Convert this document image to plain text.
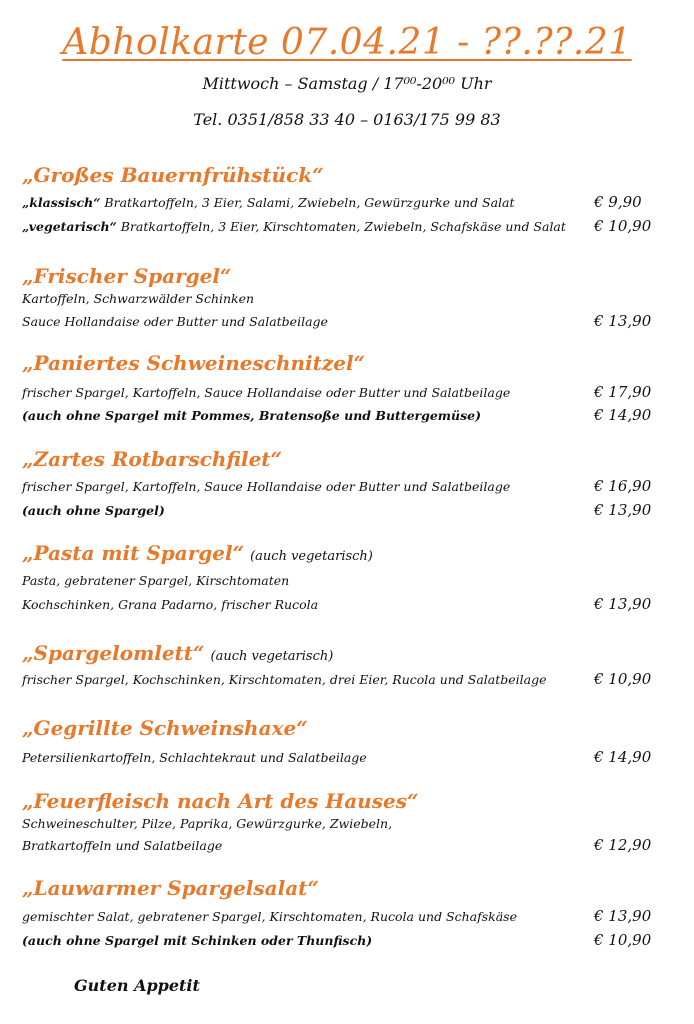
Abholkarte 07.04.21 - ??.??.21
Mittwoch – Samstag / 17⁰⁰-20⁰⁰ Uhr
Tel. 0351/858 33 40 – 0163/175 99 83
„Großes Bauernfrühstück“
„klassisch“ Bratkartoffeln, 3 Eier, Salami, Zwiebeln, Gewürzgurke und Salat	€ 9,90
„vegetarisch“ Bratkartoffeln, 3 Eier, Kirschtomaten, Zwiebeln, Schafskäse und Salat € 10,90
„Frischer Spargel“
Kartoffeln, Schwarzwälder Schinken
Sauce Hollandaise oder Butter und Salatbeilage	€ 13,90
„Paniertes Schweineschnitzel“
frischer Spargel, Kartoffeln, Sauce Hollandaise oder Butter und Salatbeilage	€ 17,90
(auch ohne Spargel mit Pommes, Bratensoße und Buttergemüse)	€ 14,90
„Zartes Rotbarschfilet“
frischer Spargel, Kartoffeln, Sauce Hollandaise oder Butter und Salatbeilage	€ 16,90
(auch ohne Spargel)	€ 13,90
„Pasta mit Spargel“ (auch vegetarisch)
Pasta, gebratener Spargel, Kirschtomaten
Kochschinken, Grana Padarno, frischer Rucola	€ 13,90
„Spargelomlett“ (auch vegetarisch)
frischer Spargel, Kochschinken, Kirschtomaten, drei Eier, Rucola und Salatbeilage	€ 10,90
„Gegrillte Schweinshaxe“
Petersilienkartoffeln, Schlachtekraut und Salatbeilage	€ 14,90
„Feuerfleisch nach Art des Hauses“
Schweineschulter, Pilze, Paprika, Gewürzgurke, Zwiebeln,
Bratkartoffeln und Salatbeilage	€ 12,90
„Lauwarmer Spargelsalat“
gemischter Salat, gebratener Spargel, Kirschtomaten, Rucola und Schafskäse	€ 13,90
(auch ohne Spargel mit Schinken oder Thunfisch)	€ 10,90
Guten Appetit
